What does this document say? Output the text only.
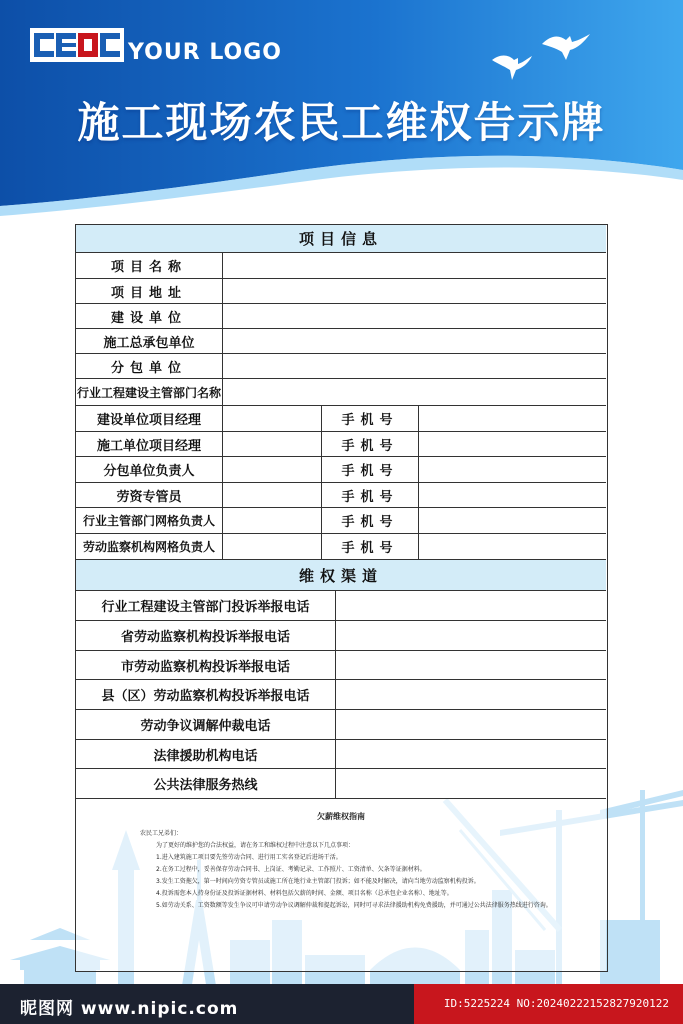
YOUR LOGO
施工现场农民工维权告示牌
项目信息
项目名称
项目地址
建设单位
施工总承包单位
分包单位
行业工程建设主管部门名称
建设单位项目经理	手机号
施工单位项目经理	手机号
分包单位负责人	手机号
劳资专管员	手机号
行业主管部门网格负责人	手机号
劳动监察机构网格负责人	手机号
维权渠道
行业工程建设主管部门投诉举报电话
省劳动监察机构投诉举报电话
市劳动监察机构投诉举报电话
县（区）劳动监察机构投诉举报电话
劳动争议调解仲裁电话
法律援助机构电话
公共法律服务热线
欠薪维权指南

农民工兄弟们：

为了更好的维护您的合法权益，请在务工和维权过程中注意以下几点事项：

1.进入建筑施工项目要先签劳动合同、进行用工实名登记后进场干活。

2.在务工过程中，妥善保存劳动合同书、上岗证、考勤记录、工作照片、工资清单、欠条等证据材料。

3.发生工资拖欠，第一时间向劳资专管员或施工所在地行业主管部门投诉；如不能及时解决，请向当地劳动监察机构投诉。

4.投诉需您本人持身份证及投诉证据材料、材料包括欠薪的时间、金额、项目名称（总承包企业名称）、地址等。

5.如劳动关系、工资数额等发生争议可申请劳动争议调解仲裁和提起诉讼，同时可寻求法律援助机构免费援助，并可通过公共法律服务热线进行咨询。

昵图网 www.nipic.com	ID:5225224 NO:20240222152827920122
